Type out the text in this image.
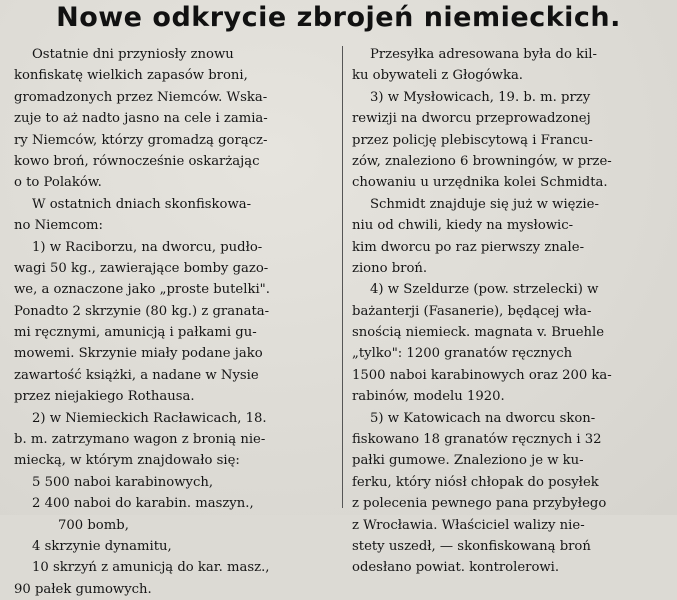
Nowe odkrycie zbrojeń niemieckich.
Ostatnie dni przyniosły znowu
konfiskatę wielkich zapasów broni,
gromadzonych przez Niemców. Wska-
zuje to aż nadto jasno na cele i zamia-
ry Niemców, którzy gromadzą gorącz-
kowo broń, równocześnie oskarżając
o to Polaków.
W ostatnich dniach skonfiskowa-
no Niemcom:
1) w Raciborzu, na dworcu, pudło-
wagi 50 kg., zawierające bomby gazo-
we, a oznaczone jako „proste butelki".
Ponadto 2 skrzynie (80 kg.) z granata-
mi ręcznymi, amunicją i pałkami gu-
mowemi. Skrzynie miały podane jako
zawartość książki, a nadane w Nysie
przez niejakiego Rothausa.
2) w Niemieckich Racławicach, 18.
b. m. zatrzymano wagon z bronią nie-
miecką, w którym znajdowało się:
5 500 naboi karabinowych,
2 400 naboi do karabin. maszyn.,
700 bomb,
4 skrzynie dynamitu,
10 skrzyń z amunicją do kar. masz.,
90 pałek gumowych.
Przesyłka adresowana była do kil-
ku obywateli z Głogówka.
3) w Mysłowicach, 19. b. m. przy
rewizji na dworcu przeprowadzonej
przez policję plebiscytową i Francu-
zów, znaleziono 6 browningów, w prze-
chowaniu u urzędnika kolei Schmidta.
Schmidt znajduje się już w więzie-
niu od chwili, kiedy na mysłowic-
kim dworcu po raz pierwszy znale-
ziono broń.
4) w Szeldurze (pow. strzelecki) w
bażanterji (Fasanerie), będącej wła-
snością niemieck. magnata v. Bruehle
„tylko": 1200 granatów ręcznych
1500 naboi karabinowych oraz 200 ka-
rabinów, modelu 1920.
5) w Katowicach na dworcu skon-
fiskowano 18 granatów ręcznych i 32
pałki gumowe. Znaleziono je w ku-
ferku, który niósł chłopak do posyłek
z polecenia pewnego pana przybyłego
z Wrocławia. Właściciel walizy nie-
stety uszedł, — skonfiskowaną broń
odesłano powiat. kontrolerowi.
